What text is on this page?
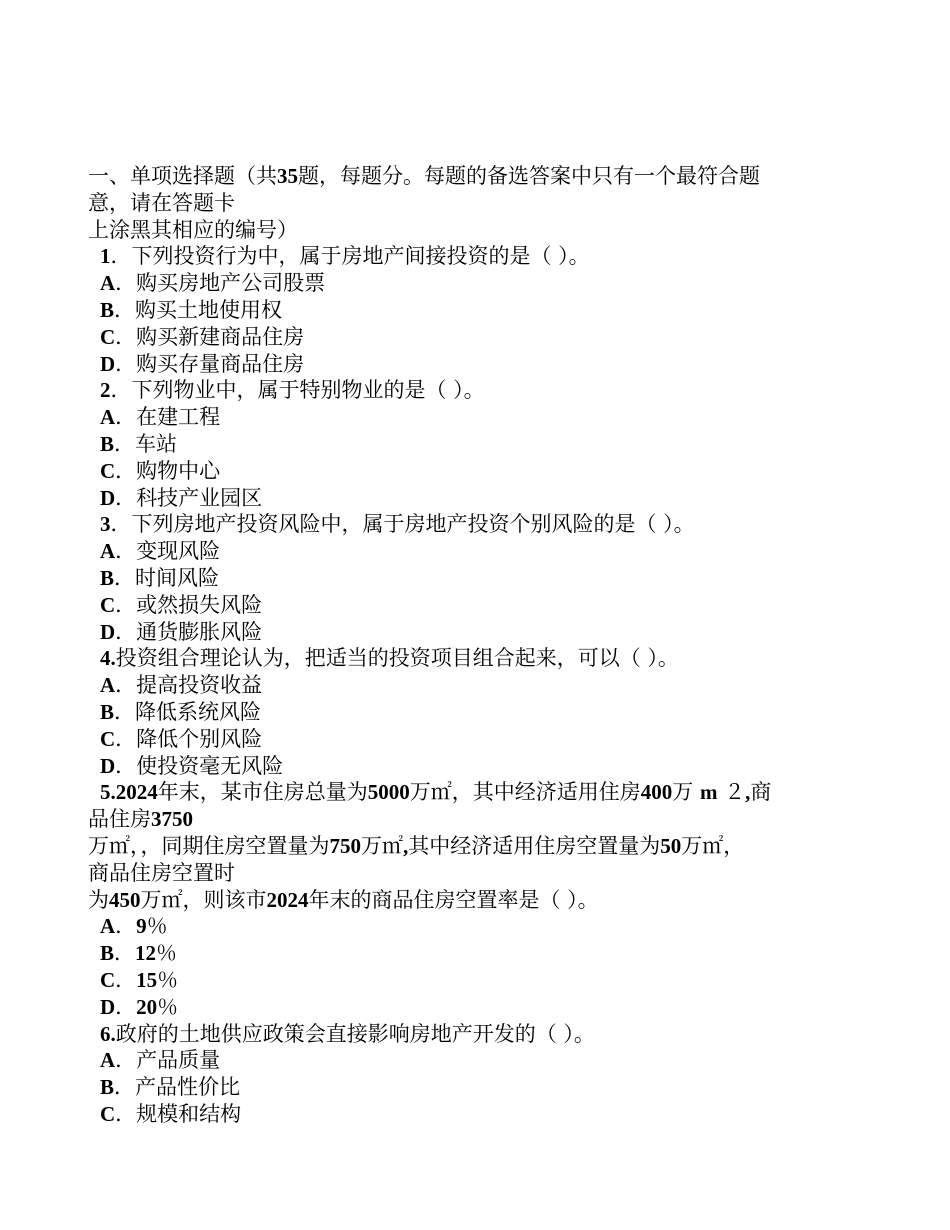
一、单项选择题（共35题，每题分。每题的备选答案中只有一个最符合题
意，请在答题卡
上涂黑其相应的编号）
1．下列投资行为中，属于房地产间接投资的是（ ）。
A．购买房地产公司股票
B．购买土地使用权
C．购买新建商品住房
D．购买存量商品住房
2．下列物业中，属于特别物业的是（ ）。
A．在建工程
B．车站
C．购物中心
D．科技产业园区
3．下列房地产投资风险中，属于房地产投资个别风险的是（ ）。
A．变现风险
B．时间风险
C．或然损失风险
D．通货膨胀风险
4.投资组合理论认为，把适当的投资项目组合起来，可以（ ）。
A．提高投资收益
B．降低系统风险
C．降低个别风险
D．使投资毫无风险
5.2024年末，某市住房总量为5000万㎡，其中经济适用住房400万 m ２,商
品住房3750
万㎡，，同期住房空置量为750万㎡,其中经济适用住房空置量为50万㎡，
商品住房空置时
为450万㎡，则该市2024年末的商品住房空置率是（ ）。
A．9％
B．12％
C．15％
D．20％
6.政府的土地供应政策会直接影响房地产开发的（ ）。
A．产品质量
B．产品性价比
C．规模和结构
